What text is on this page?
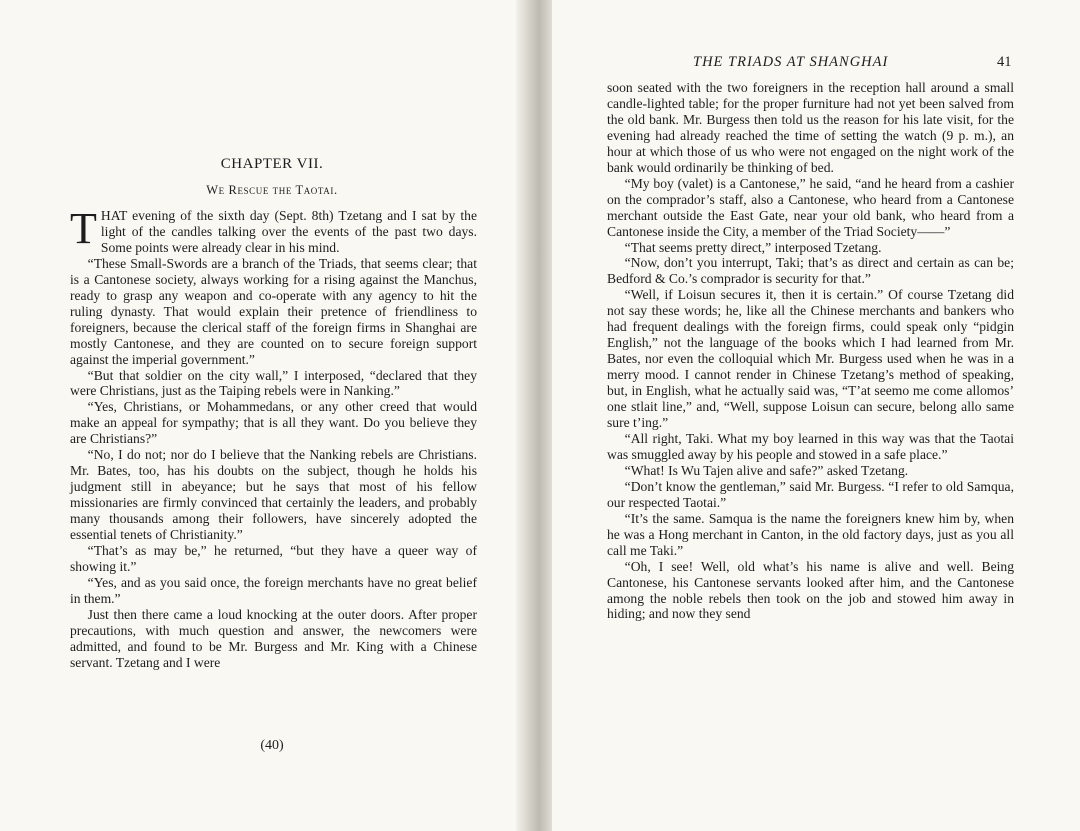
CHAPTER VII.
We Rescue the Taotai.

THAT evening of the sixth day (Sept. 8th) Tzetang and I sat by the light of the candles talking over the events of the past two days. Some points were already clear in his mind.

“These Small-Swords are a branch of the Triads, that seems clear; that is a Cantonese society, always working for a rising against the Manchus, ready to grasp any weapon and co-operate with any agency to hit the ruling dynasty. That would explain their pretence of friendliness to foreigners, because the clerical staff of the foreign firms in Shanghai are mostly Cantonese, and they are counted on to secure foreign support against the imperial government.”

“But that soldier on the city wall,” I interposed, “declared that they were Christians, just as the Taiping rebels were in Nanking.”

“Yes, Christians, or Mohammedans, or any other creed that would make an appeal for sympathy; that is all they want. Do you believe they are Christians?”

“No, I do not; nor do I believe that the Nanking rebels are Christians. Mr. Bates, too, has his doubts on the subject, though he holds his judgment still in abeyance; but he says that most of his fellow missionaries are firmly convinced that certainly the leaders, and probably many thousands among their followers, have sincerely adopted the essential tenets of Christianity.”

“That’s as may be,” he returned, “but they have a queer way of showing it.”

“Yes, and as you said once, the foreign merchants have no great belief in them.”

Just then there came a loud knocking at the outer doors. After proper precautions, with much question and answer, the newcomers were admitted, and found to be Mr. Burgess and Mr. King with a Chinese servant. Tzetang and I were

(40)
THE TRIADS AT SHANGHAI	41

soon seated with the two foreigners in the reception hall around a small candle-lighted table; for the proper furniture had not yet been salved from the old bank. Mr. Burgess then told us the reason for his late visit, for the evening had already reached the time of setting the watch (9 p. m.), an hour at which those of us who were not engaged on the night work of the bank would ordinarily be thinking of bed.

“My boy (valet) is a Cantonese,” he said, “and he heard from a cashier on the comprador’s staff, also a Cantonese, who heard from a Cantonese merchant outside the East Gate, near your old bank, who heard from a Cantonese inside the City, a member of the Triad Society——”

“That seems pretty direct,” interposed Tzetang.

“Now, don’t you interrupt, Taki; that’s as direct and certain as can be; Bedford & Co.’s comprador is security for that.”

“Well, if Loisun secures it, then it is certain.” Of course Tzetang did not say these words; he, like all the Chinese merchants and bankers who had frequent dealings with the foreign firms, could speak only “pidgin English,” not the language of the books which I had learned from Mr. Bates, nor even the colloquial which Mr. Burgess used when he was in a merry mood. I cannot render in Chinese Tzetang’s method of speaking, but, in English, what he actually said was, “T’at seemo me come allomos’ one stlait line,” and, “Well, suppose Loisun can secure, belong allo same sure t’ing.”

“All right, Taki. What my boy learned in this way was that the Taotai was smuggled away by his people and stowed in a safe place.”

“What! Is Wu Tajen alive and safe?” asked Tzetang.

“Don’t know the gentleman,” said Mr. Burgess. “I refer to old Samqua, our respected Taotai.”

“It’s the same. Samqua is the name the foreigners knew him by, when he was a Hong merchant in Canton, in the old factory days, just as you all call me Taki.”

“Oh, I see! Well, old what’s his name is alive and well. Being Cantonese, his Cantonese servants looked after him, and the Cantonese among the noble rebels then took on the job and stowed him away in hiding; and now they send
